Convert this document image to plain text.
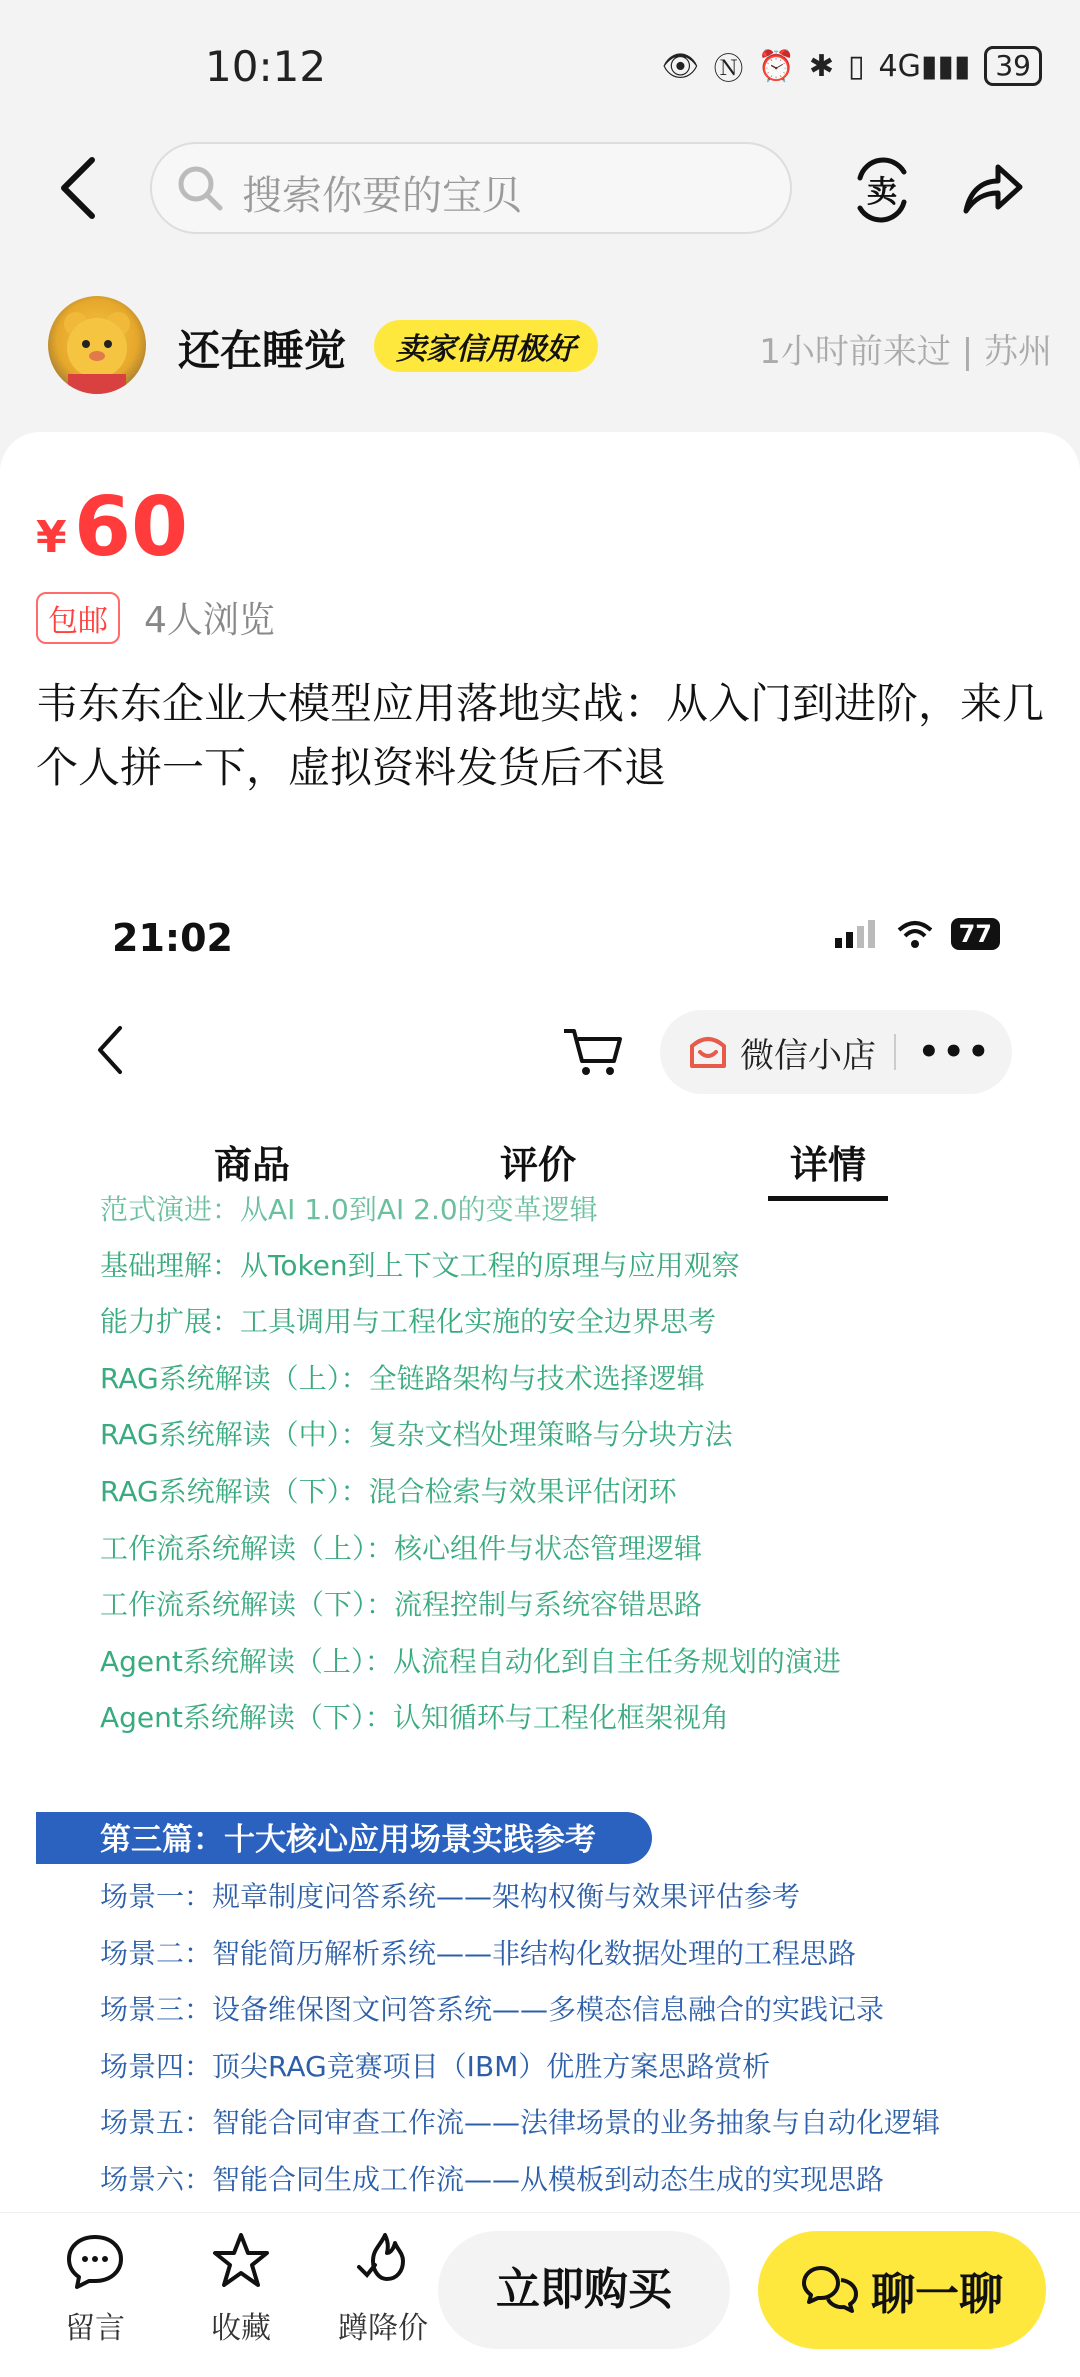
10:12	👁 Ⓝ ⏰ ✱ ▯ 4G▮▮▮ 39
搜索你要的宝贝	卖
还在睡觉	卖家信用极好	1小时前来过 | 苏州
¥ 60
包邮	4人浏览
韦东东企业大模型应用落地实战：从入门到进阶，来几个人拼一下，虚拟资料发货后不退
21:02	77
微信小店 •••
商品	评价	详情
范式演进：从AI 1.0到AI 2.0的变革逻辑
基础理解：从Token到上下文工程的原理与应用观察
能力扩展：工具调用与工程化实施的安全边界思考
RAG系统解读（上）：全链路架构与技术选择逻辑
RAG系统解读（中）：复杂文档处理策略与分块方法
RAG系统解读（下）：混合检索与效果评估闭环
工作流系统解读（上）：核心组件与状态管理逻辑
工作流系统解读（下）：流程控制与系统容错思路
Agent系统解读（上）：从流程自动化到自主任务规划的演进
Agent系统解读（下）：认知循环与工程化框架视角
第三篇：十大核心应用场景实践参考
场景一：规章制度问答系统——架构权衡与效果评估参考
场景二：智能简历解析系统——非结构化数据处理的工程思路
场景三：设备维保图文问答系统——多模态信息融合的实践记录
场景四：顶尖RAG竞赛项目（IBM）优胜方案思路赏析
场景五：智能合同审查工作流——法律场景的业务抽象与自动化逻辑
场景六：智能合同生成工作流——从模板到动态生成的实现思路
留言	收藏	蹲降价
立即购买	聊一聊
